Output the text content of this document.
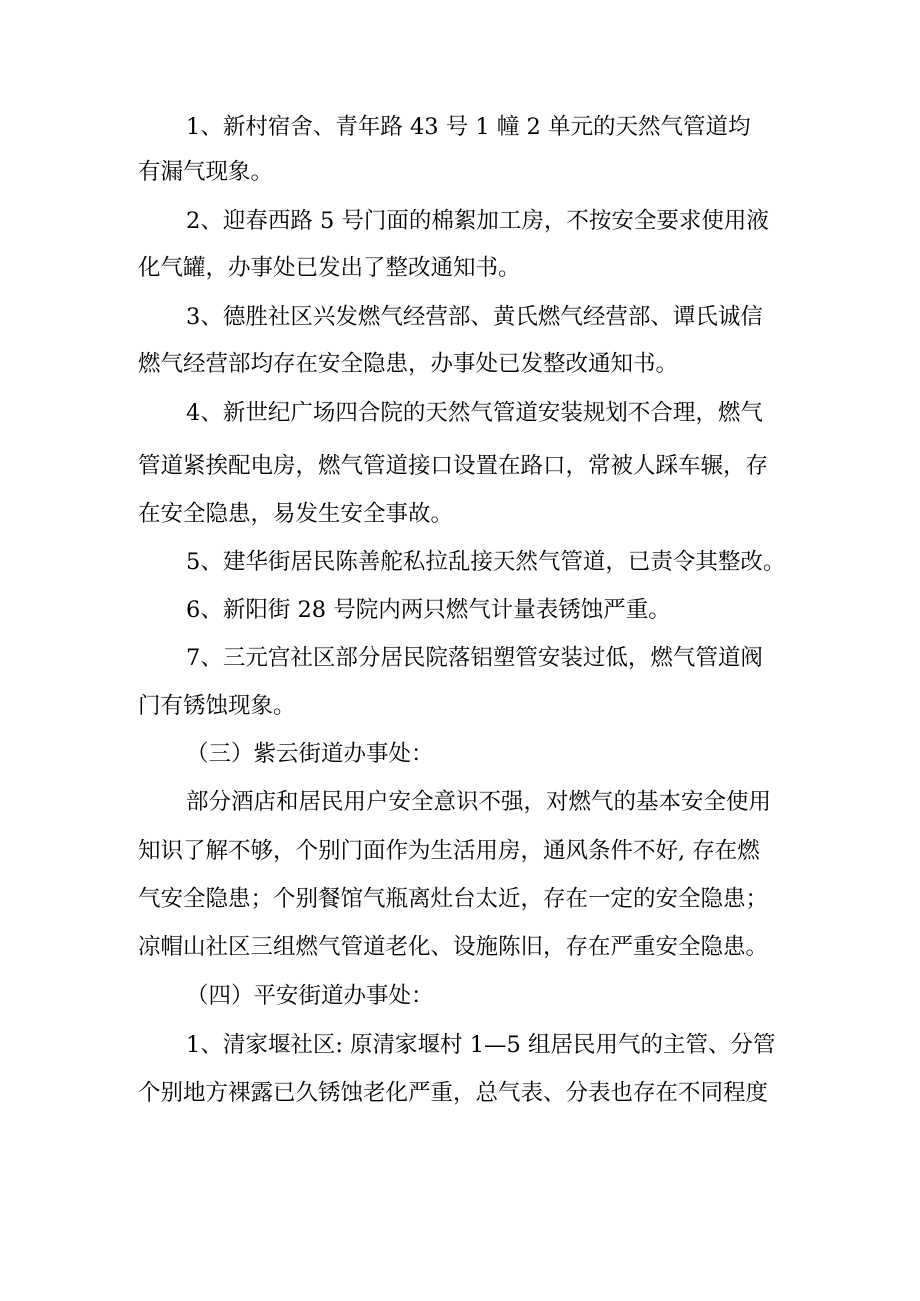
1、新村宿舍、青年路 43 号 1 幢 2 单元的天然气管道均
有漏气现象。
2、迎春西路 5 号门面的棉絮加工房，不按安全要求使用液
化气罐，办事处已发出了整改通知书。
3、德胜社区兴发燃气经营部、黄氏燃气经营部、谭氏诚信
燃气经营部均存在安全隐患，办事处已发整改通知书。
4、新世纪广场四合院的天然气管道安装规划不合理，燃气
管道紧挨配电房，燃气管道接口设置在路口，常被人踩车辗，存
在安全隐患，易发生安全事故。
5、建华街居民陈善舵私拉乱接天然气管道，已责令其整改。
6、新阳街 28 号院内两只燃气计量表锈蚀严重。
7、三元宫社区部分居民院落铝塑管安装过低，燃气管道阀
门有锈蚀现象。
（三）紫云街道办事处：
部分酒店和居民用户安全意识不强，对燃气的基本安全使用
知识了解不够，个别门面作为生活用房，通风条件不好, 存在燃
气安全隐患；个别餐馆气瓶离灶台太近，存在一定的安全隐患；
凉帽山社区三组燃气管道老化、设施陈旧，存在严重安全隐患。
（四）平安街道办事处：
1、清家堰社区: 原清家堰村 1—5 组居民用气的主管、分管
个别地方裸露已久锈蚀老化严重，总气表、分表也存在不同程度
